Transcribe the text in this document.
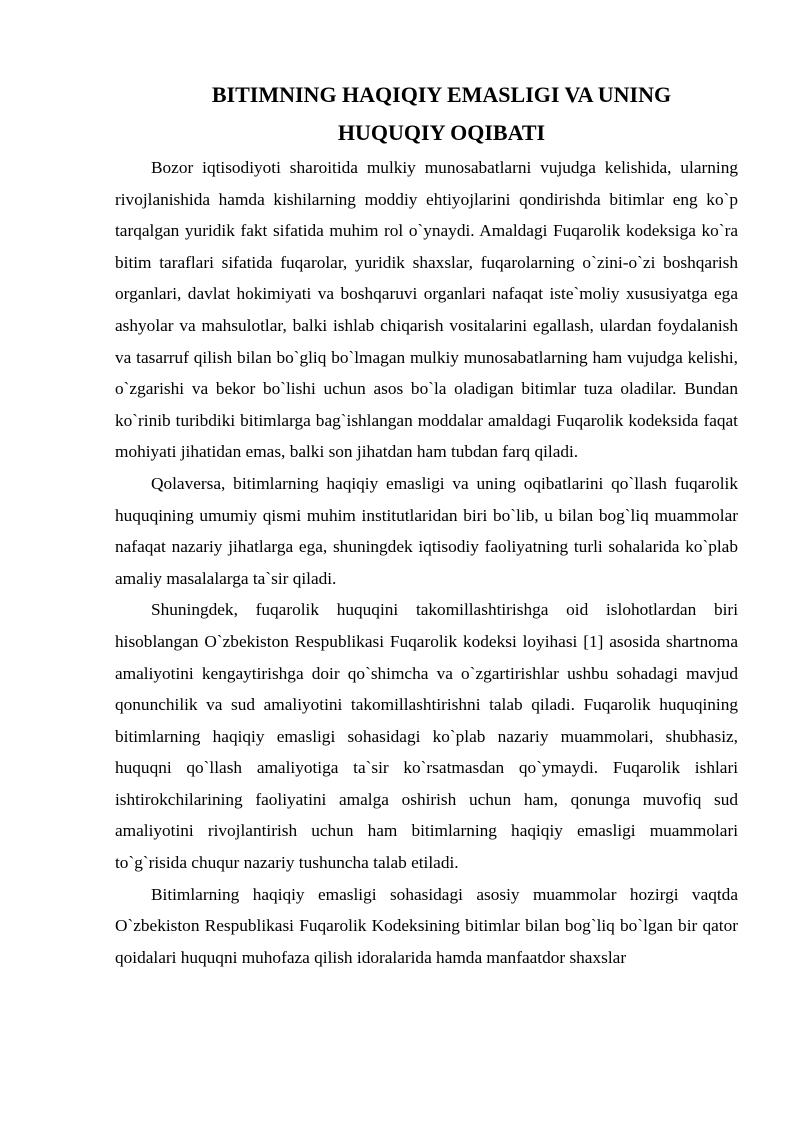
BITIMNING HAQIQIY EMASLIGI VA UNING
HUQUQIY OQIBATI

Bozor iqtisodiyoti sharoitida mulkiy munosabatlarni vujudga kelishida, ularning rivojlanishida hamda kishilarning moddiy ehtiyojlarini qondirishda bitimlar eng ko`p tarqalgan yuridik fakt sifatida muhim rol o`ynaydi. Amaldagi Fuqarolik kodeksiga ko`ra bitim taraflari sifatida fuqarolar, yuridik shaxslar, fuqarolarning o`zini-o`zi boshqarish organlari, davlat hokimiyati va boshqaruvi organlari nafaqat iste`moliy xususiyatga ega ashyolar va mahsulotlar, balki ishlab chiqarish vositalarini egallash, ulardan foydalanish va tasarruf qilish bilan bo`gliq bo`lmagan mulkiy munosabatlarning ham vujudga kelishi, o`zgarishi va bekor bo`lishi uchun asos bo`la oladigan bitimlar tuza oladilar. Bundan ko`rinib turibdiki bitimlarga bag`ishlangan moddalar amaldagi Fuqarolik kodeksida faqat mohiyati jihatidan emas, balki son jihatdan ham tubdan farq qiladi.

Qolaversa, bitimlarning haqiqiy emasligi va uning oqibatlarini qo`llash fuqarolik huquqining umumiy qismi muhim institutlaridan biri bo`lib, u bilan bog`liq muammolar nafaqat nazariy jihatlarga ega, shuningdek iqtisodiy faoliyatning turli sohalarida ko`plab amaliy masalalarga ta`sir qiladi.

Shuningdek, fuqarolik huquqini takomillashtirishga oid islohotlardan biri hisoblangan O`zbekiston Respublikasi Fuqarolik kodeksi loyihasi [1] asosida shartnoma amaliyotini kengaytirishga doir qo`shimcha va o`zgartirishlar ushbu sohadagi mavjud qonunchilik va sud amaliyotini takomillashtirishni talab qiladi. Fuqarolik huquqining bitimlarning haqiqiy emasligi sohasidagi ko`plab nazariy muammolari, shubhasiz, huquqni qo`llash amaliyotiga ta`sir ko`rsatmasdan qo`ymaydi. Fuqarolik ishlari ishtirokchilarining faoliyatini amalga oshirish uchun ham, qonunga muvofiq sud amaliyotini rivojlantirish uchun ham bitimlarning haqiqiy emasligi muammolari to`g`risida chuqur nazariy tushuncha talab etiladi.

Bitimlarning haqiqiy emasligi sohasidagi asosiy muammolar hozirgi vaqtda O`zbekiston Respublikasi Fuqarolik Kodeksining bitimlar bilan bog`liq bo`lgan bir qator qoidalari huquqni muhofaza qilish idoralarida hamda manfaatdor shaxslar
